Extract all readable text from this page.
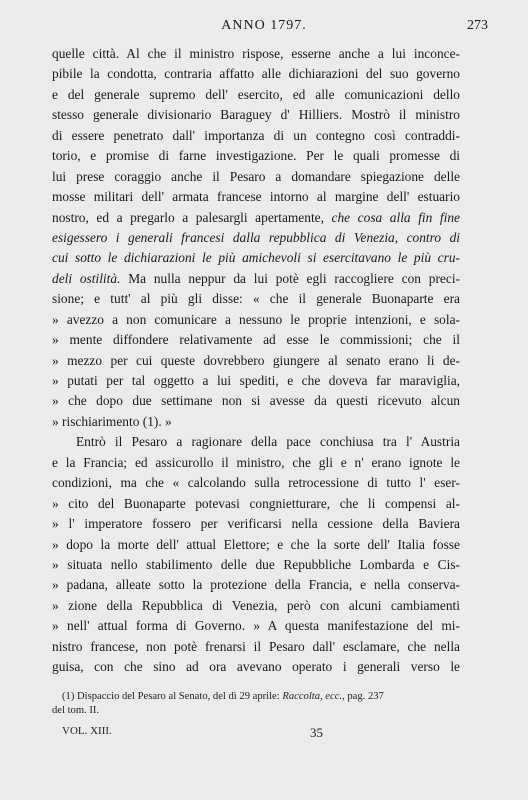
ANNO 1797.	273
quelle città. Al che il ministro rispose, esserne anche a lui inconce-
pibile la condotta, contraria affatto alle dichiarazioni del suo governo
e del generale supremo dell' esercito, ed alle comunicazioni dello
stesso generale divisionario Baraguey d' Hilliers. Mostrò il ministro
di essere penetrato dall' importanza di un contegno così contraddi-
torio, e promise di farne investigazione. Per le quali promesse di
lui prese coraggio anche il Pesaro a domandare spiegazione delle
mosse militari dell' armata francese intorno al margine dell' estuario
nostro, ed a pregarlo a palesargli apertamente, che cosa alla fin fine
esigessero i generali francesi dalla repubblica di Venezia, contro di
cui sotto le dichiarazioni le più amichevoli si esercitavano le più cru-
deli ostilità. Ma nulla neppur da lui potè egli raccogliere con preci-
sione; e tutt' al più gli disse: « che il generale Buonaparte era
» avezzo a non comunicare a nessuno le proprie intenzioni, e sola-
» mente diffondere relativamente ad esse le commissioni; che il
» mezzo per cui queste dovrebbero giungere al senato erano li de-
» putati per tal oggetto a lui spediti, e che doveva far maraviglia,
» che dopo due settimane non si avesse da questi ricevuto alcun
» rischiarimento (1). »
Entrò il Pesaro a ragionare della pace conchiusa tra l' Austria
e la Francia; ed assicurollo il ministro, che gli e n' erano ignote le
condizioni, ma che « calcolando sulla retrocessione di tutto l' eser-
» cito del Buonaparte potevasi congnietturare, che li compensi al-
» l' imperatore fossero per verificarsi nella cessione della Baviera
» dopo la morte dell' attual Elettore; e che la sorte dell' Italia fosse
» situata nello stabilimento delle due Repubbliche Lombarda e Cis-
» padana, alleate sotto la protezione della Francia, e nella conserva-
» zione della Repubblica di Venezia, però con alcuni cambiamenti
» nell' attual forma di Governo. » A questa manifestazione del mi-
nistro francese, non potè frenarsi il Pesaro dall' esclamare, che nella
guisa, con che sino ad ora avevano operato i generali verso le
(1) Dispaccio del Pesaro al Senato, del dì 29 aprile: Raccolta, ecc., pag. 237
del tom. II.
VOL. XIII.	35
